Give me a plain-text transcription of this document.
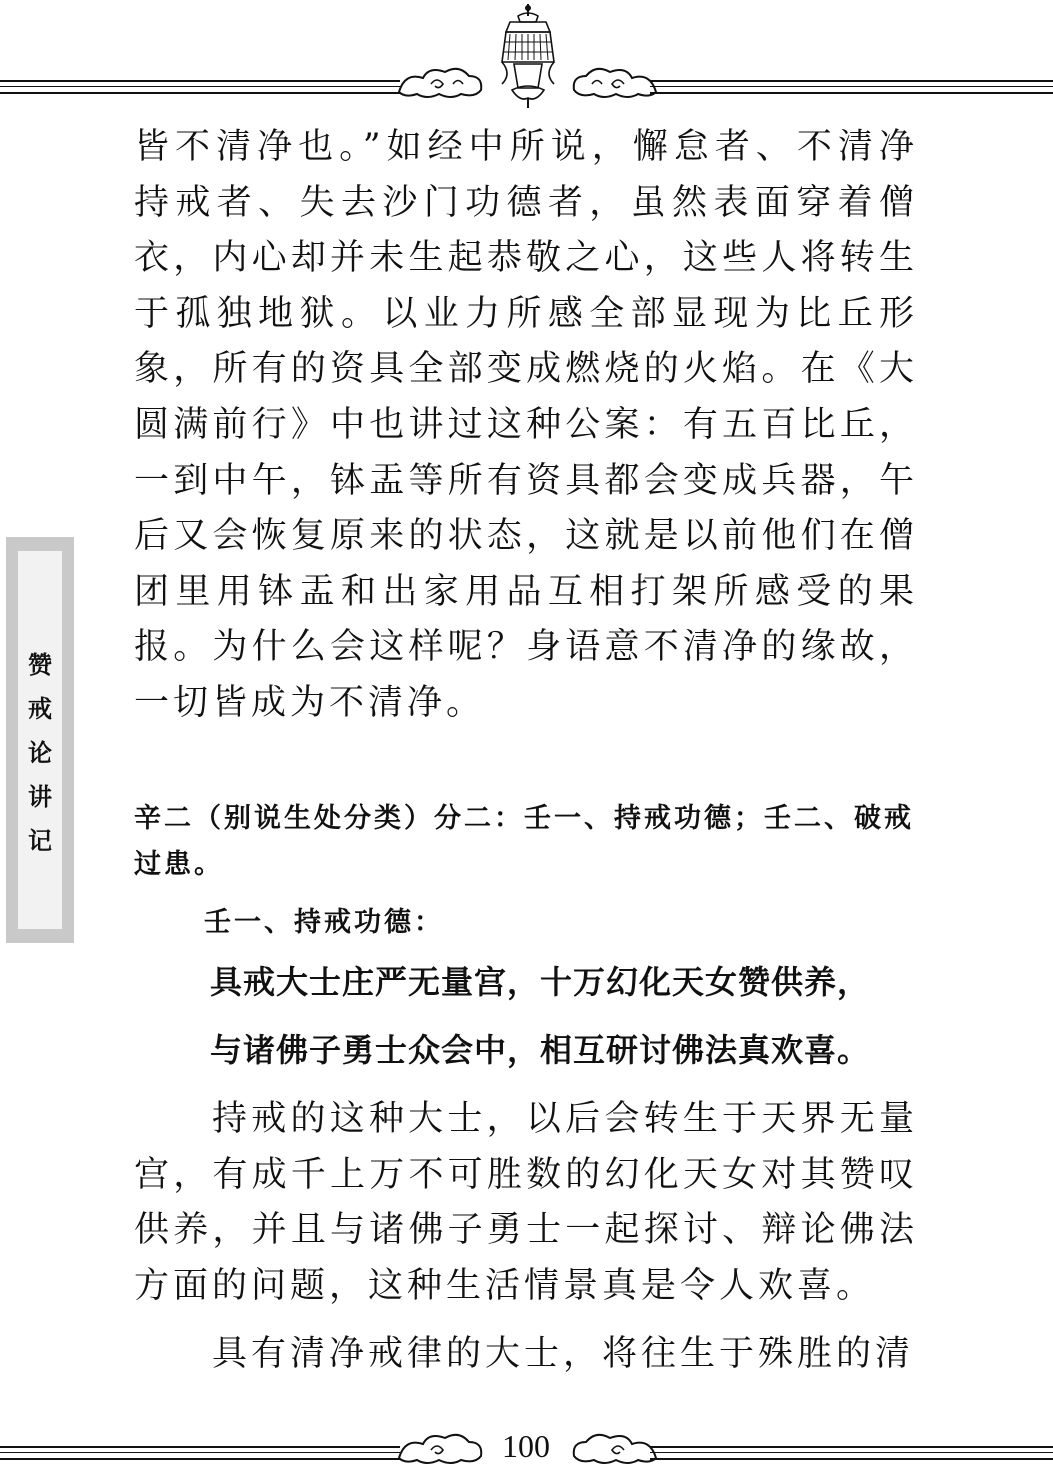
赞
戒
论
讲
记
皆不清净也。”如经中所说，懈怠者、不清净持戒者、失去沙门功德者，虽然表面穿着僧衣，内心却并未生起恭敬之心，这些人将转生于孤独地狱。以业力所感全部显现为比丘形象，所有的资具全部变成燃烧的火焰。在《大圆满前行》中也讲过这种公案：有五百比丘，一到中午，钵盂等所有资具都会变成兵器，午后又会恢复原来的状态，这就是以前他们在僧团里用钵盂和出家用品互相打架所感受的果报。为什么会这样呢？身语意不清净的缘故，一切皆成为不清净。
辛二（别说生处分类）分二：壬一、持戒功德；壬二、破戒过患。
壬一、持戒功德：
具戒大士庄严无量宫，十万幻化天女赞供养，
与诸佛子勇士众会中，相互研讨佛法真欢喜。
持戒的这种大士，以后会转生于天界无量宫，有成千上万不可胜数的幻化天女对其赞叹供养，并且与诸佛子勇士一起探讨、辩论佛法方面的问题，这种生活情景真是令人欢喜。
具有清净戒律的大士，将往生于殊胜的清
100
